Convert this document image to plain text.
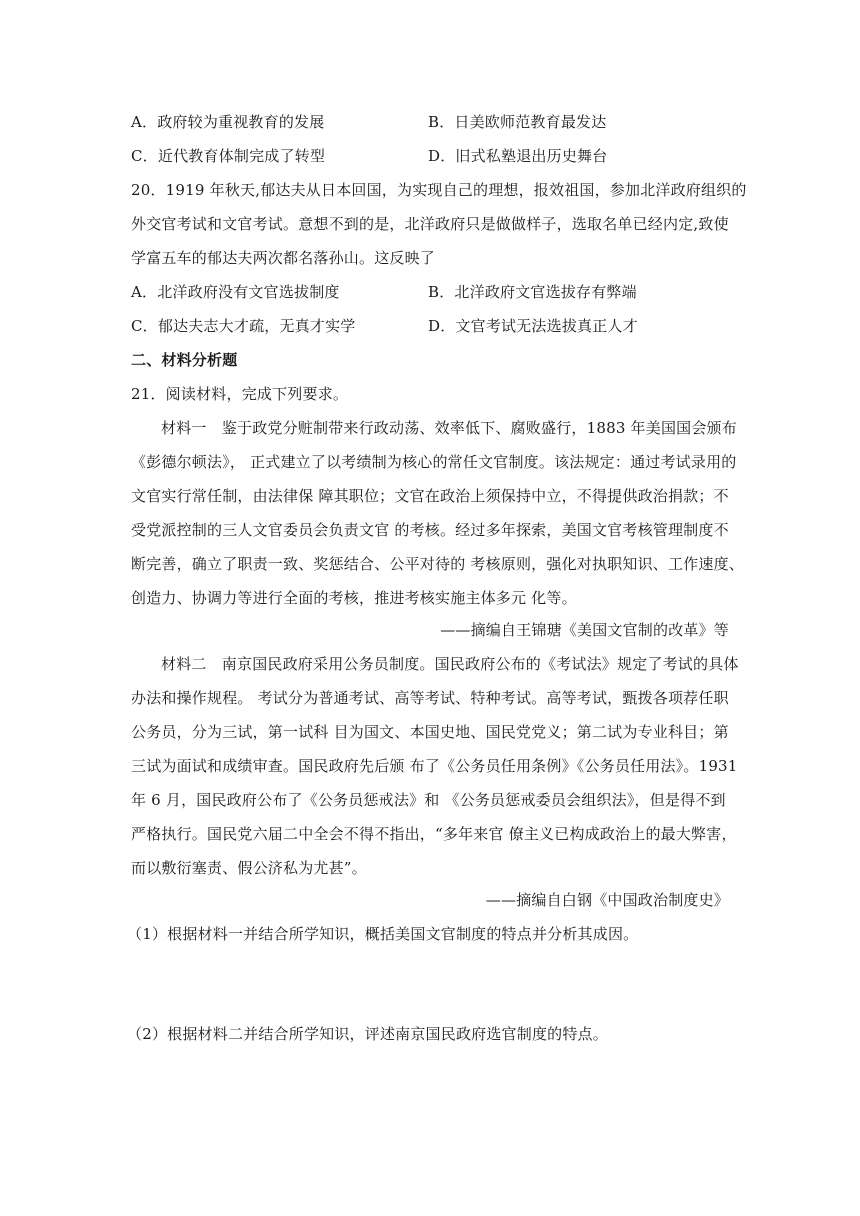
A．政府较为重视教育的发展	B．日美欧师范教育最发达
C．近代教育体制完成了转型	D．旧式私塾退出历史舞台
20．1919 年秋天,郁达夫从日本回国，为实现自己的理想，报效祖国，参加北洋政府组织的
外交官考试和文官考试。意想不到的是，北洋政府只是做做样子，选取名单已经内定,致使
学富五车的郁达夫两次都名落孙山。这反映了
A．北洋政府没有文官选拔制度	B．北洋政府文官选拔存有弊端
C．郁达夫志大才疏，无真才实学	D．文官考试无法选拔真正人才
二、材料分析题
21．阅读材料，完成下列要求。
材料一　鉴于政党分赃制带来行政动荡、效率低下、腐败盛行，1883 年美国国会颁布
《彭德尔顿法》， 正式建立了以考绩制为核心的常任文官制度。该法规定：通过考试录用的
文官实行常任制，由法律保 障其职位；文官在政治上须保持中立，不得提供政治捐款；不
受党派控制的三人文官委员会负责文官 的考核。经过多年探索，美国文官考核管理制度不
断完善，确立了职责一致、奖惩结合、公平对待的 考核原则，强化对执职知识、工作速度、
创造力、协调力等进行全面的考核，推进考核实施主体多元 化等。
——摘编自王锦瑭《美国文官制的改革》等
材料二　南京国民政府采用公务员制度。国民政府公布的《考试法》规定了考试的具体
办法和操作规程。 考试分为普通考试、高等考试、特种考试。高等考试，甄拨各项荐任职
公务员，分为三试，第一试科 目为国文、本国史地、国民党党义；第二试为专业科目；第
三试为面试和成绩审查。国民政府先后颁 布了《公务员任用条例》《公务员任用法》。1931
年 6 月，国民政府公布了《公务员惩戒法》和 《公务员惩戒委员会组织法》，但是得不到
严格执行。国民党六届二中全会不得不指出，“多年来官 僚主义已构成政治上的最大弊害，
而以敷衍塞责、假公济私为尤甚”。
——摘编自白钢《中国政治制度史》
（1）根据材料一并结合所学知识，概括美国文官制度的特点并分析其成因。
（2）根据材料二并结合所学知识，评述南京国民政府选官制度的特点。
